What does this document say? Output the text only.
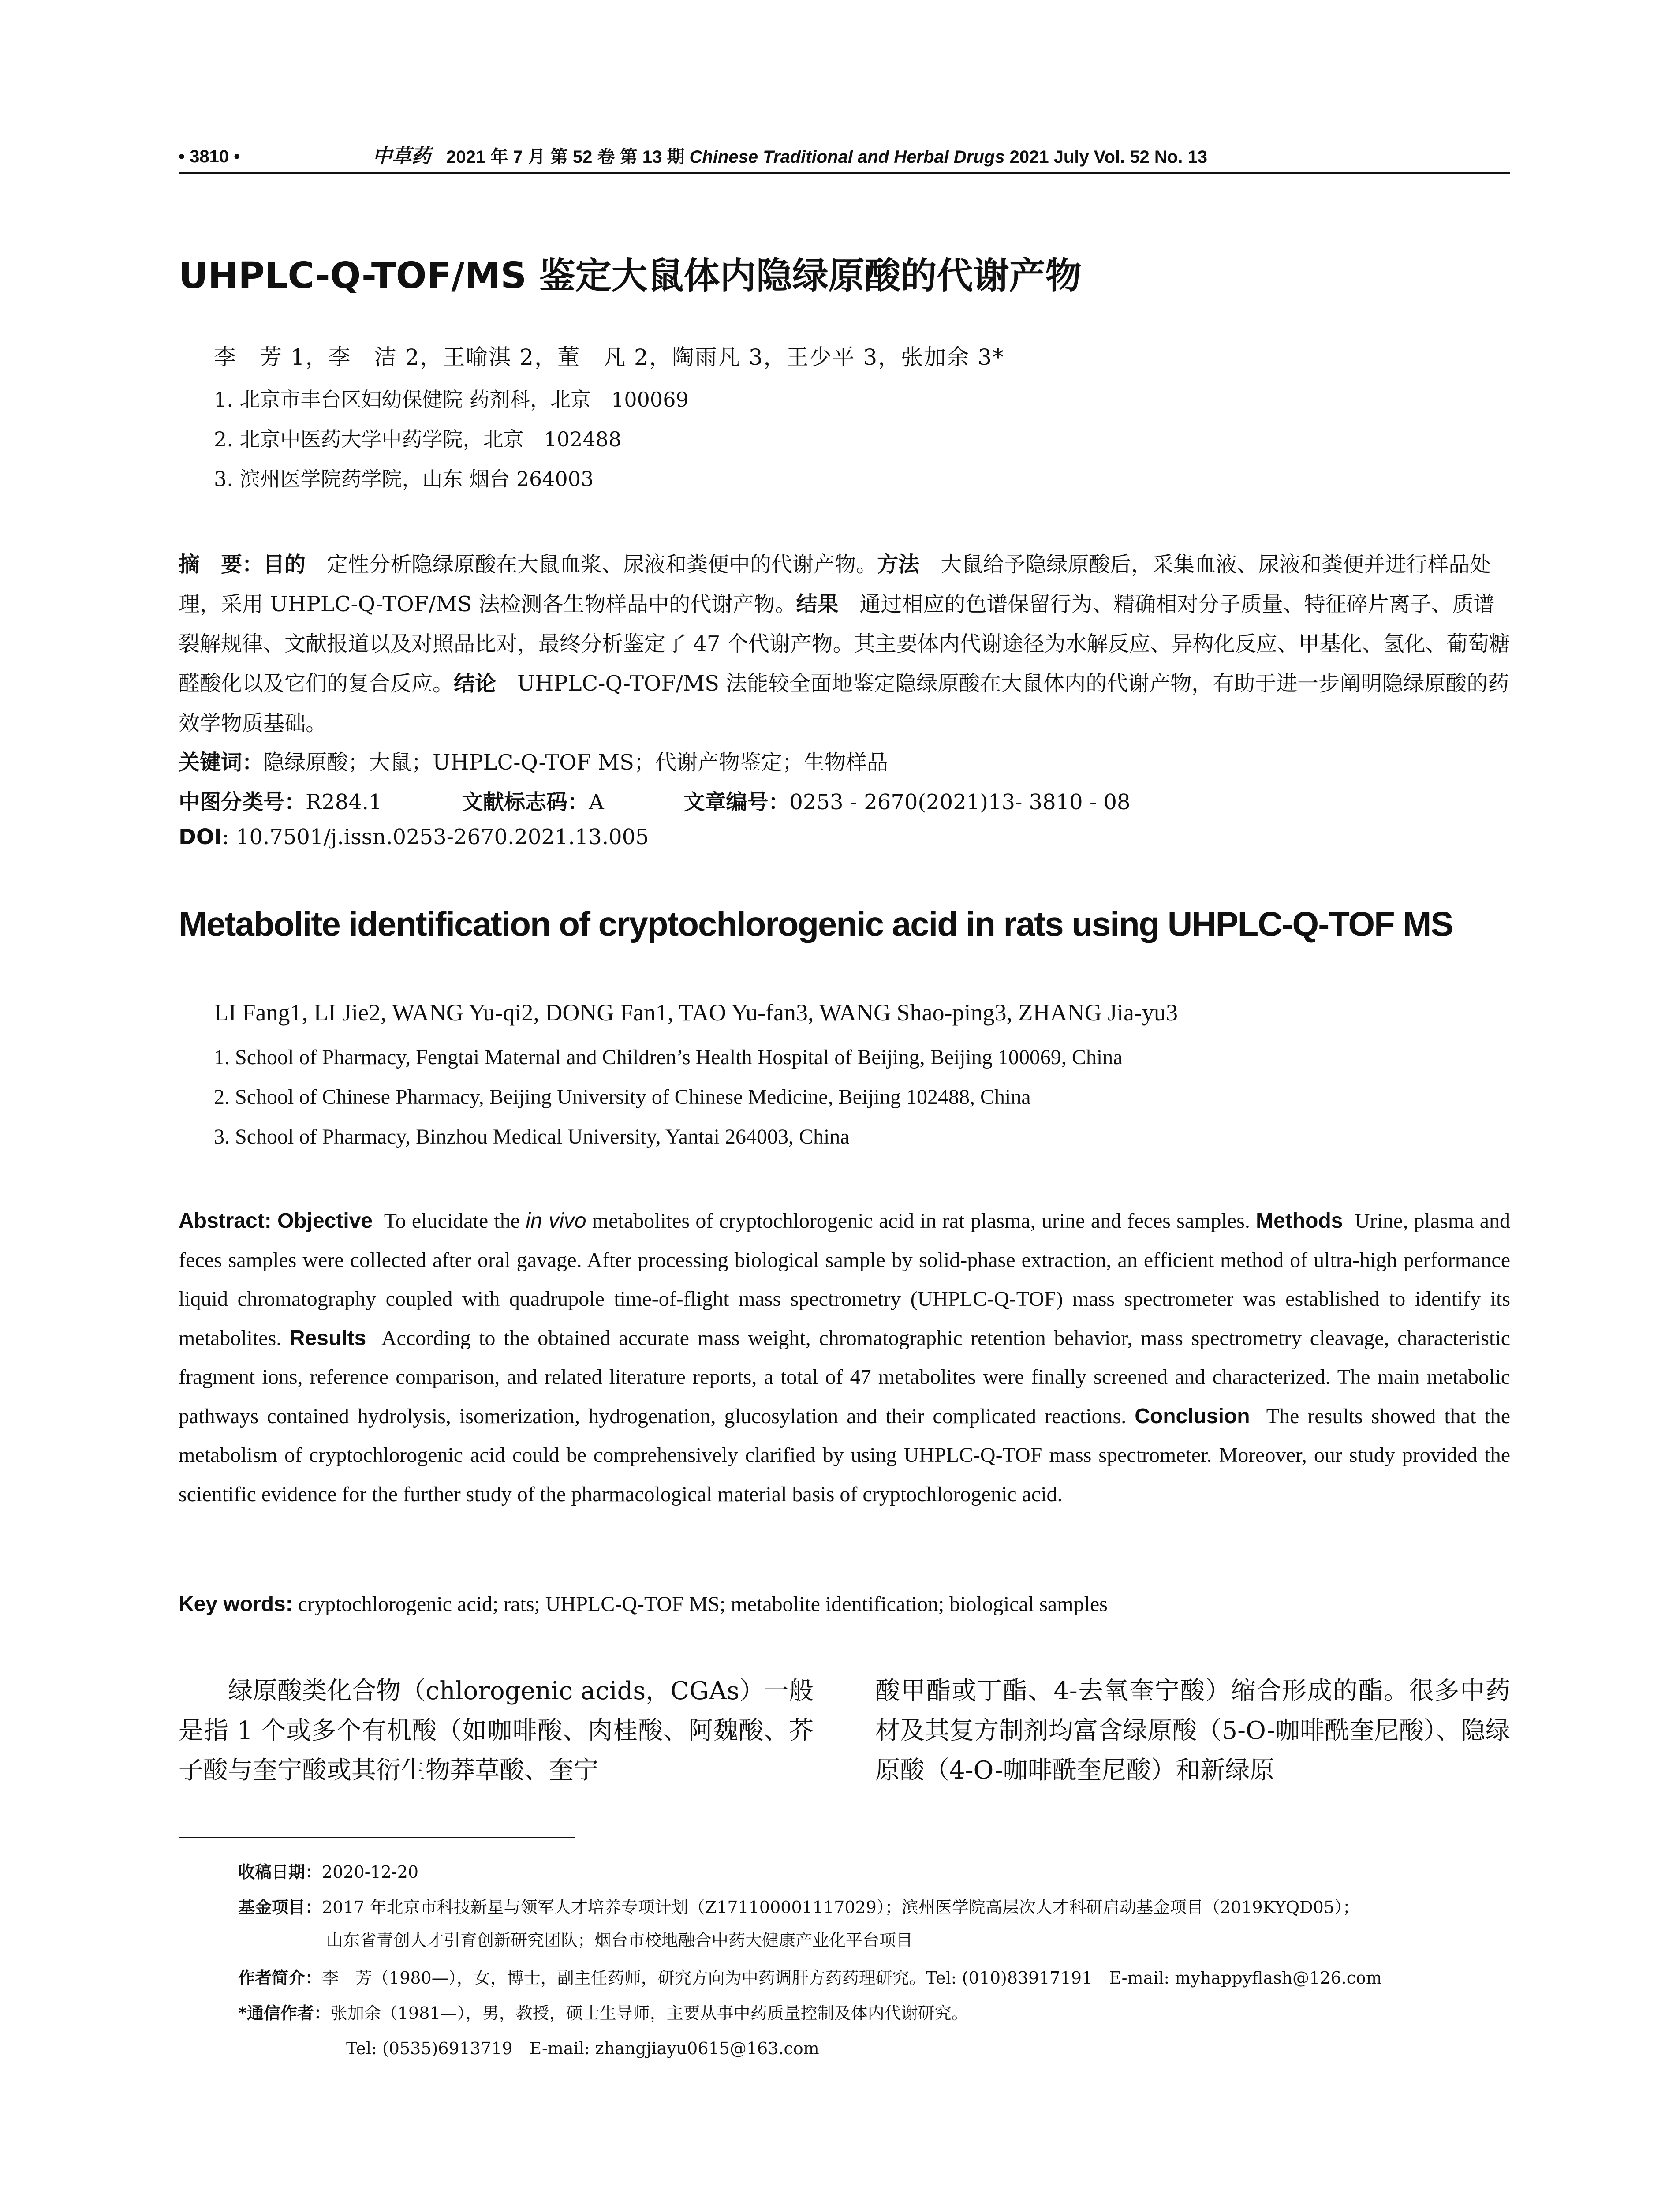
• 3810 •	中草药 2021 年 7 月 第 52 卷 第 13 期 Chinese Traditional and Herbal Drugs 2021 July Vol. 52 No. 13
UHPLC-Q-TOF/MS 鉴定大鼠体内隐绿原酸的代谢产物
李　芳 1，李　洁 2，王喻淇 2，董　凡 2，陶雨凡 3，王少平 3，张加余 3*
1. 北京市丰台区妇幼保健院 药剂科，北京　100069
2. 北京中医药大学中药学院，北京　102488
3. 滨州医学院药学院，山东 烟台 264003
摘　要：目的　 定性分析隐绿原酸在大鼠血浆、尿液和粪便中的代谢产物。方法　 大鼠给予隐绿原酸后，采集血液、尿液和粪便并进行样品处理，采用 UHPLC-Q-TOF/MS 法检测各生物样品中的代谢产物。结果　 通过相应的色谱保留行为、精确相对分子质量、特征碎片离子、质谱裂解规律、文献报道以及对照品比对，最终分析鉴定了 47 个代谢产物。其主要体内代谢途径为水解反应、异构化反应、甲基化、氢化、葡萄糖醛酸化以及它们的复合反应。结论　 UHPLC-Q-TOF/MS 法能较全面地鉴定隐绿原酸在大鼠体内的代谢产物，有助于进一步阐明隐绿原酸的药效学物质基础。
关键词：隐绿原酸；大鼠；UHPLC-Q-TOF MS；代谢产物鉴定；生物样品
中图分类号：R284.1	文献标志码：A	文章编号：0253 - 2670(2021)13- 3810 - 08
DOI: 10.7501/j.issn.0253-2670.2021.13.005
Metabolite identification of cryptochlorogenic acid in rats using UHPLC-Q-TOF MS
LI Fang1, LI Jie2, WANG Yu-qi2, DONG Fan1, TAO Yu-fan3, WANG Shao-ping3, ZHANG Jia-yu3
1. School of Pharmacy, Fengtai Maternal and Children’s Health Hospital of Beijing, Beijing 100069, China
2. School of Chinese Pharmacy, Beijing University of Chinese Medicine, Beijing 102488, China
3. School of Pharmacy, Binzhou Medical University, Yantai 264003, China
Abstract: Objective To elucidate the in vivo metabolites of cryptochlorogenic acid in rat plasma, urine and feces samples. Methods Urine, plasma and feces samples were collected after oral gavage. After processing biological sample by solid-phase extraction, an efficient method of ultra-high performance liquid chromatography coupled with quadrupole time-of-flight mass spectrometry (UHPLC-Q-TOF) mass spectrometer was established to identify its metabolites. Results According to the obtained accurate mass weight, chromatographic retention behavior, mass spectrometry cleavage, characteristic fragment ions, reference comparison, and related literature reports, a total of 47 metabolites were finally screened and characterized. The main metabolic pathways contained hydrolysis, isomerization, hydrogenation, glucosylation and their complicated reactions. Conclusion The results showed that the metabolism of cryptochlorogenic acid could be comprehensively clarified by using UHPLC-Q-TOF mass spectrometer. Moreover, our study provided the scientific evidence for the further study of the pharmacological material basis of cryptochlorogenic acid.
Key words: cryptochlorogenic acid; rats; UHPLC-Q-TOF MS; metabolite identification; biological samples
绿原酸类化合物（chlorogenic acids，CGAs）一般是指 1 个或多个有机酸（如咖啡酸、肉桂酸、阿魏酸、芥子酸与奎宁酸或其衍生物莽草酸、奎宁
酸甲酯或丁酯、4-去氧奎宁酸）缩合形成的酯。很多中药材及其复方制剂均富含绿原酸（5-O-咖啡酰奎尼酸）、隐绿原酸（4-O-咖啡酰奎尼酸）和新绿原
收稿日期：2020-12-20
基金项目：2017 年北京市科技新星与领军人才培养专项计划（Z171100001117029）；滨州医学院高层次人才科研启动基金项目（2019KYQD05）；
山东省青创人才引育创新研究团队；烟台市校地融合中药大健康产业化平台项目
作者简介：李　芳（1980—），女，博士，副主任药师，研究方向为中药调肝方药药理研究。Tel: (010)83917191　E-mail: myhappyflash@126.com
*通信作者：张加余（1981—），男，教授，硕士生导师，主要从事中药质量控制及体内代谢研究。
Tel: (0535)6913719　E-mail: zhangjiayu0615@163.com
